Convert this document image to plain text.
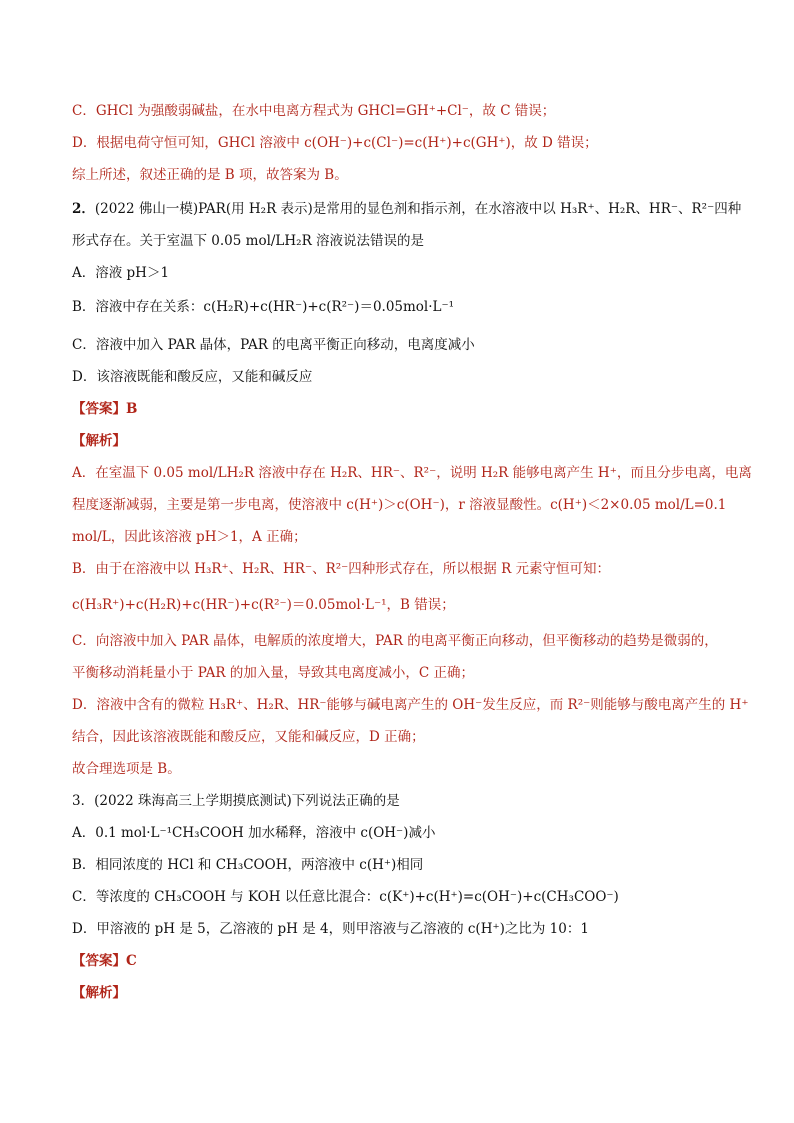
C．GHCl 为强酸弱碱盐，在水中电离方程式为 GHCl=GH⁺+Cl⁻，故 C 错误；
D．根据电荷守恒可知，GHCl 溶液中 c(OH⁻)+c(Cl⁻)=c(H⁺)+c(GH⁺)，故 D 错误；
综上所述，叙述正确的是 B 项，故答案为 B。
2．(2022 佛山一模)PAR(用 H₂R 表示)是常用的显色剂和指示剂，在水溶液中以 H₃R⁺、H₂R、HR⁻、R²⁻四种
形式存在。关于室温下 0.05 mol/LH₂R 溶液说法错误的是
A．溶液 pH＞1
B．溶液中存在关系：c(H₂R)+c(HR⁻)+c(R²⁻)＝0.05mol·L⁻¹
C．溶液中加入 PAR 晶体，PAR 的电离平衡正向移动，电离度减小
D．该溶液既能和酸反应，又能和碱反应
【答案】B
【解析】
A．在室温下 0.05 mol/LH₂R 溶液中存在 H₂R、HR⁻、R²⁻，说明 H₂R 能够电离产生 H⁺，而且分步电离，电离
程度逐渐减弱，主要是第一步电离，使溶液中 c(H⁺)＞c(OH⁻)，r 溶液显酸性。c(H⁺)＜2×0.05 mol/L=0.1
mol/L，因此该溶液 pH＞1，A 正确；
B．由于在溶液中以 H₃R⁺、H₂R、HR⁻、R²⁻四种形式存在，所以根据 R 元素守恒可知：
c(H₃R⁺)+c(H₂R)+c(HR⁻)+c(R²⁻)＝0.05mol·L⁻¹，B 错误；
C．向溶液中加入 PAR 晶体，电解质的浓度增大，PAR 的电离平衡正向移动，但平衡移动的趋势是微弱的，
平衡移动消耗量小于 PAR 的加入量，导致其电离度减小，C 正确；
D．溶液中含有的微粒 H₃R⁺、H₂R、HR⁻能够与碱电离产生的 OH⁻发生反应，而 R²⁻则能够与酸电离产生的 H⁺
结合，因此该溶液既能和酸反应，又能和碱反应，D 正确；
故合理选项是 B。
3．(2022 珠海高三上学期摸底测试)下列说法正确的是
A．0.1 mol·L⁻¹CH₃COOH 加水稀释，溶液中 c(OH⁻)减小
B．相同浓度的 HCl 和 CH₃COOH，两溶液中 c(H⁺)相同
C．等浓度的 CH₃COOH 与 KOH 以任意比混合：c(K⁺)+c(H⁺)=c(OH⁻)+c(CH₃COO⁻)
D．甲溶液的 pH 是 5，乙溶液的 pH 是 4，则甲溶液与乙溶液的 c(H⁺)之比为 10：1
【答案】C
【解析】
